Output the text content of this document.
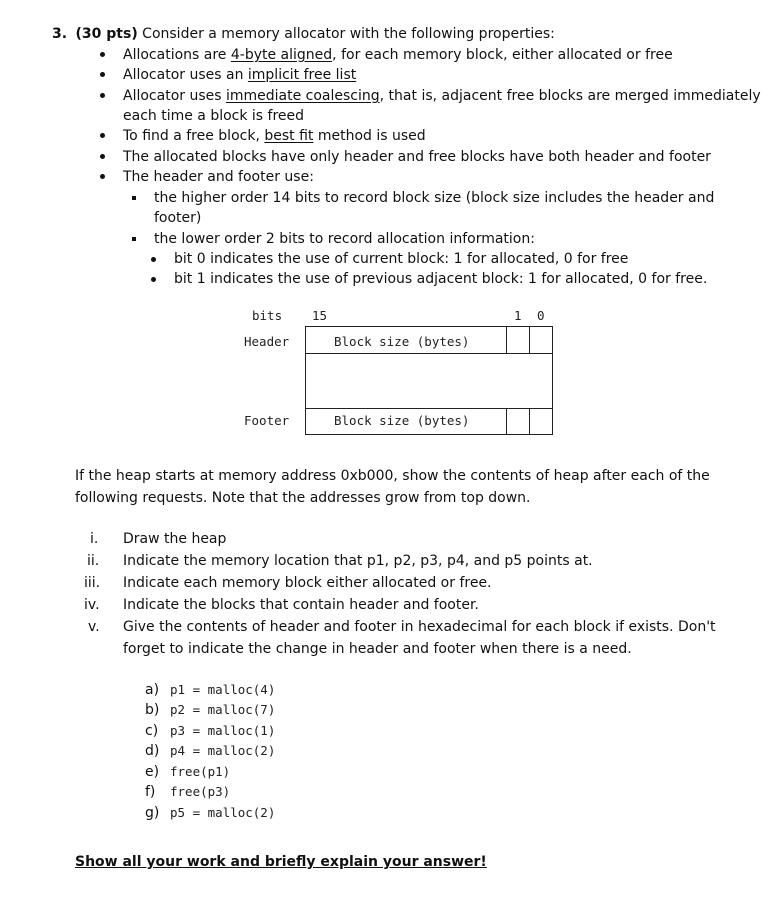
3. (30 pts) Consider a memory allocator with the following properties:
Allocations are 4-byte aligned, for each memory block, either allocated or free
Allocator uses an implicit free list
Allocator uses immediate coalescing, that is, adjacent free blocks are merged immediately
each time a block is freed
To find a free block, best fit method is used
The allocated blocks have only header and free blocks have both header and footer
The header and footer use:
the higher order 14 bits to record block size (block size includes the header and
footer)
the lower order 2 bits to record allocation information:
bit 0 indicates the use of current block: 1 for allocated, 0 for free
bit 1 indicates the use of previous adjacent block: 1 for allocated, 0 for free.
bits 15	1 0
Header
Footer
Block size (bytes)
Block size (bytes)
If the heap starts at memory address 0xb000, show the contents of heap after each of the
following requests. Note that the addresses grow from top down.
i. Draw the heap
ii. Indicate the memory location that p1, p2, p3, p4, and p5 points at.
iii. Indicate each memory block either allocated or free.
iv. Indicate the blocks that contain header and footer.
v. Give the contents of header and footer in hexadecimal for each block if exists. Don't
forget to indicate the change in header and footer when there is a need.
a) p1 = malloc(4)
b) p2 = malloc(7)
c) p3 = malloc(1)
d) p4 = malloc(2)
e) free(p1)
f) free(p3)
g) p5 = malloc(2)
Show all your work and briefly explain your answer!
